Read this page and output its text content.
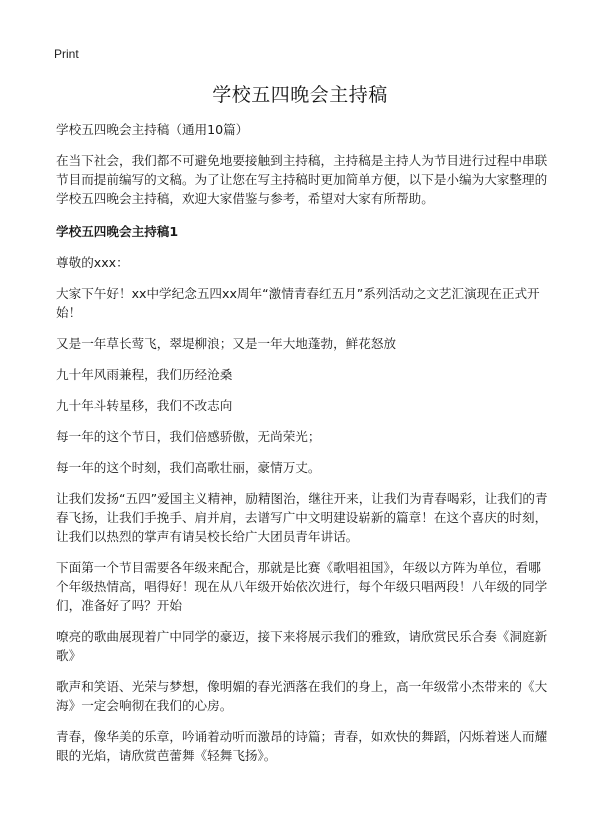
Print
学校五四晚会主持稿

学校五四晚会主持稿（通用10篇）

在当下社会，我们都不可避免地要接触到主持稿，主持稿是主持人为节目进行过程中串联节目而提前编写的文稿。为了让您在写主持稿时更加简单方便，以下是小编为大家整理的学校五四晚会主持稿，欢迎大家借鉴与参考，希望对大家有所帮助。

学校五四晚会主持稿1

尊敬的xxx：

大家下午好！xx中学纪念五四xx周年“激情青春红五月”系列活动之文艺汇演现在正式开始！

又是一年草长莺飞，翠堤柳浪；又是一年大地蓬勃，鲜花怒放

九十年风雨兼程，我们历经沧桑

九十年斗转星移，我们不改志向

每一年的这个节日，我们倍感骄傲，无尚荣光；

每一年的这个时刻，我们高歌壮丽，豪情万丈。

让我们发扬“五四”爱国主义精神，励精图治，继往开来，让我们为青春喝彩，让我们的青春飞扬，让我们手挽手、肩并肩，去谱写广中文明建设崭新的篇章！在这个喜庆的时刻，让我们以热烈的掌声有请吴校长给广大团员青年讲话。

下面第一个节目需要各年级来配合，那就是比赛《歌唱祖国》，年级以方阵为单位，看哪个年级热情高，唱得好！现在从八年级开始依次进行，每个年级只唱两段！八年级的同学们，准备好了吗？开始

嘹亮的歌曲展现着广中同学的豪迈，接下来将展示我们的雅致，请欣赏民乐合奏《洞庭新歌》

歌声和笑语、光荣与梦想，像明媚的春光洒落在我们的身上，高一年级常小杰带来的《大海》一定会响彻在我们的心房。

青春，像华美的乐章，吟诵着动听而激昂的诗篇；青春，如欢快的舞蹈，闪烁着迷人而耀眼的光焰，请欣赏芭蕾舞《轻舞飞扬》。
